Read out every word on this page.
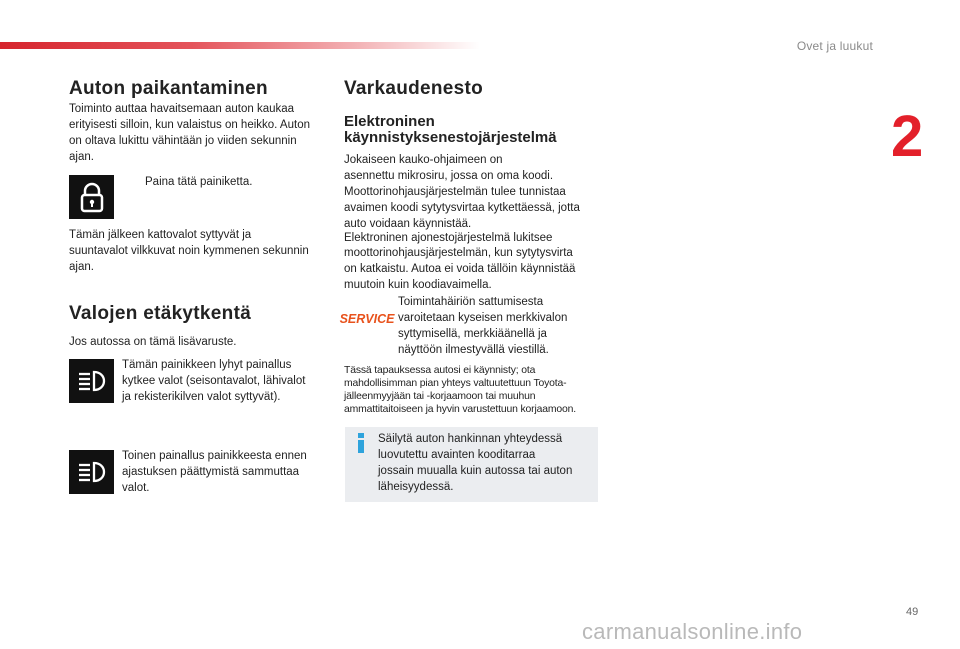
Ovet ja luukut
2
Auton paikantaminen
Toiminto auttaa havaitsemaan auton kaukaa
erityisesti silloin, kun valaistus on heikko. Auton
on oltava lukittu vähintään jo viiden sekunnin
ajan.
Paina tätä painiketta.
Tämän jälkeen kattovalot syttyvät ja
suuntavalot vilkkuvat noin kymmenen sekunnin
ajan.
Valojen etäkytkentä
Jos autossa on tämä lisävaruste.
Tämän painikkeen lyhyt painallus
kytkee valot (seisontavalot, lähivalot
ja rekisterikilven valot syttyvät).
Toinen painallus painikkeesta ennen
ajastuksen päättymistä sammuttaa
valot.
Varkaudenesto
Elektroninen
käynnistyksenestojärjestelmä
Jokaiseen kauko-ohjaimeen on
asennettu mikrosiru, jossa on oma koodi.
Moottorinohjausjärjestelmän tulee tunnistaa
avaimen koodi sytytysvirtaa kytkettäessä, jotta
auto voidaan käynnistää.
Elektroninen ajonestojärjestelmä lukitsee
moottorinohjausjärjestelmän, kun sytytysvirta
on katkaistu. Autoa ei voida tällöin käynnistää
muutoin kuin koodiavaimella.
SERVICE
Toimintahäiriön sattumisesta
varoitetaan kyseisen merkkivalon
syttymisellä, merkkiäänellä ja
näyttöön ilmestyvällä viestillä.
Tässä tapauksessa autosi ei käynnisty; ota
mahdollisimman pian yhteys valtuutettuun Toyota-
jälleenmyyjään tai -korjaamoon tai muuhun
ammattitaitoiseen ja hyvin varustettuun korjaamoon.
Säilytä auton hankinnan yhteydessä
luovutettu avainten kooditarraa
jossain muualla kuin autossa tai auton
läheisyydessä.
49
carmanualsonline.info
